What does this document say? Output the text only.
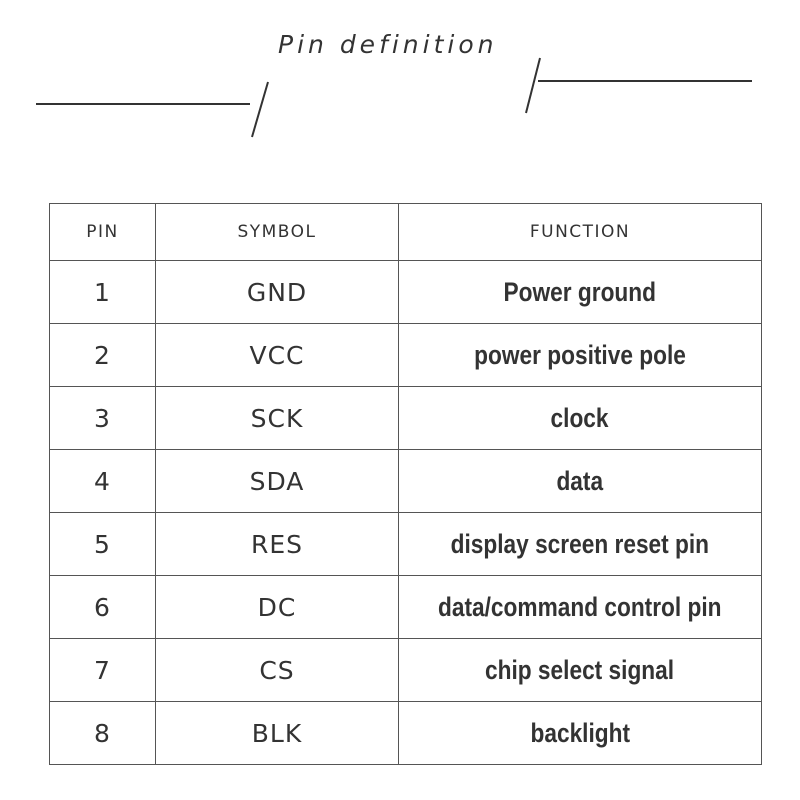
Pin definition
PIN	SYMBOL	FUNCTION
1	GND	Power ground
2	VCC	power positive pole
3	SCK	clock
4	SDA	data
5	RES	display screen reset pin
6	DC	data/command control pin
7	CS	chip select signal
8	BLK	backlight
